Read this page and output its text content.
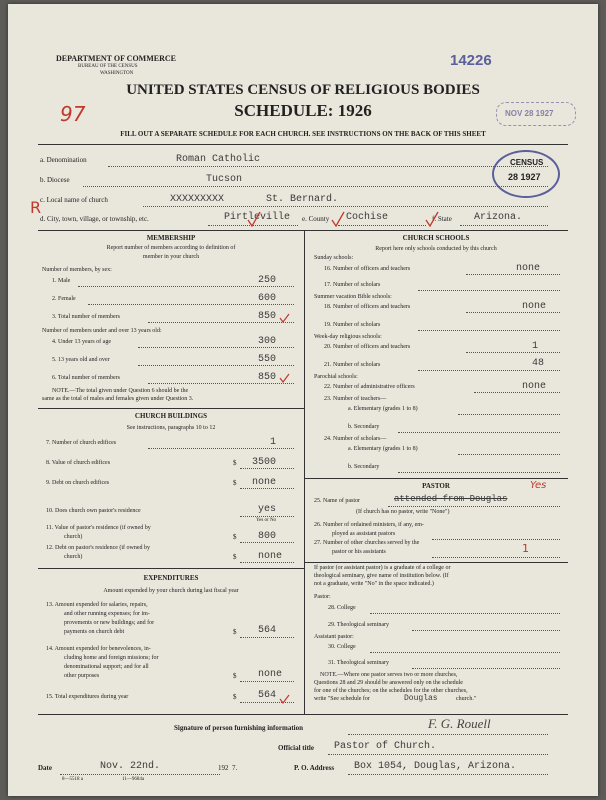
14226
97	NOV 28 1927
CENSUS
28 1927
DEPARTMENT OF COMMERCE
BUREAU OF THE CENSUS
WASHINGTON
UNITED STATES CENSUS OF RELIGIOUS BODIES
SCHEDULE: 1926
FILL OUT A SEPARATE SCHEDULE FOR EACH CHURCH. SEE INSTRUCTIONS ON THE BACK OF THIS SHEET
R
a. Denomination	Roman Catholic
b. Diocese	Tucson
c. Local name of church	XXXXXXXXX	St. Bernard.
d. City, town, village, or township, etc.	Pirtleville e. County Cochise	f. State Arizona.
MEMBERSHIP
Report number of members according to definition of
member in your church
Number of members, by sex:
1. Male	250
2. Female	600
3. Total number of members	850
Number of members under and over 13 years old:
4. Under 13 years of age	300
5. 13 years old and over	550
6. Total number of members	850
NOTE.—The total given under Question 6 should be the
same as the total of males and females given under Question 3.
CHURCH BUILDINGS
See instructions, paragraphs 10 to 12
7. Number of church edifices	1
8. Value of church edifices	$ 3500
9. Debt on church edifices	$ none
10. Does church own pastor's residence	yes
Yes or No
11. Value of pastor's residence (if owned by
church)	$ 800
12. Debt on pastor's residence (if owned by
church)	$ none
EXPENDITURES
Amount expended by your church during last fiscal year
13. Amount expended for salaries, repairs,
and other running expenses; for im-
provements or new buildings; and for
payments on church debt	$ 564
14. Amount expended for benevolences, in-
cluding home and foreign missions; for
denominational support; and for all
other purposes	$ none
15. Total expenditures during year	$ 564
CHURCH SCHOOLS
Report here only schools conducted by this church
Sunday schools:
16. Number of officers and teachers	none
17. Number of scholars
Summer vacation Bible schools:
18. Number of officers and teachers	none
19. Number of scholars
Week-day religious schools:
20. Number of officers and teachers	1
21. Number of scholars	48
Parochial schools:
22. Number of administrative officers	none
23. Number of teachers—
a. Elementary (grades 1 to 8)
b. Secondary
24. Number of scholars—
a. Elementary (grades 1 to 8)
b. Secondary
PASTOR
25. Name of pastor	attended from Douglas
Yes
(If church has no pastor, write "None")
26. Number of ordained ministers, if any, em-
ployed as assistant pastors
27. Number of other churches served by the
pastor or his assistants	1
If pastor (or assistant pastor) is a graduate of a college or
theological seminary, give name of institution below. (If
not a graduate, write "No" in the space indicated.)
Pastor:
28. College
29. Theological seminary
Assistant pastor:
30. College
31. Theological seminary
NOTE.—Where one pastor serves two or more churches,
Questions 28 and 29 should be answered only on the schedule
for one of the churches; on the schedules for the other churches,
write "See schedule for	Douglas	church."
Signature of person furnishing information	F. G. Rouell
Official title Pastor of Church.
Date	Nov. 22nd.	192 7.	P. O. Address Box 1054, Douglas, Arizona.
8—5518 a	11—9684a
